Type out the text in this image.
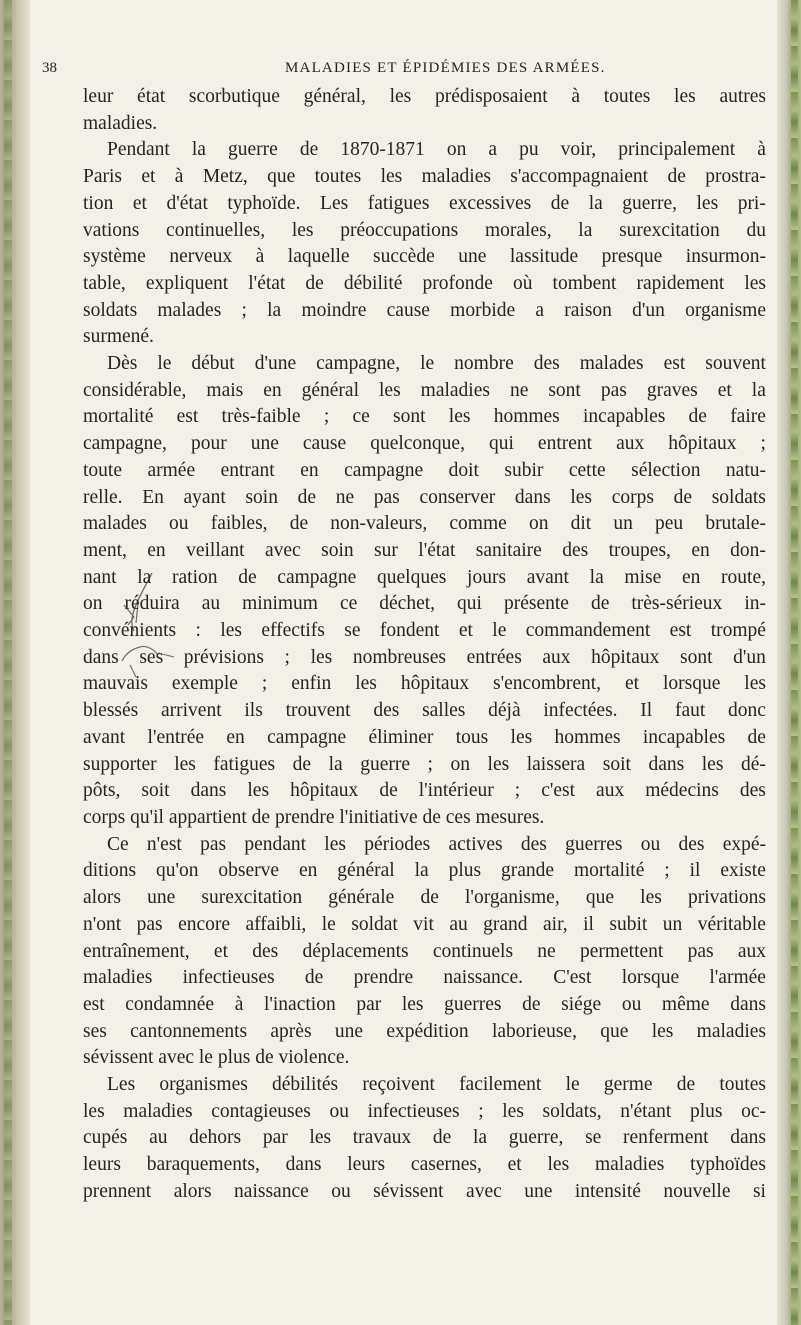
38	MALADIES ET ÉPIDÉMIES DES ARMÉES.
leur état scorbutique général, les prédisposaient à toutes les autres
maladies.
Pendant la guerre de 1870-1871 on a pu voir, principalement à
Paris et à Metz, que toutes les maladies s'accompagnaient de prostra-
tion et d'état typhoïde. Les fatigues excessives de la guerre, les pri-
vations continuelles, les préoccupations morales, la surexcitation du
système nerveux à laquelle succède une lassitude presque insurmon-
table, expliquent l'état de débilité profonde où tombent rapidement les
soldats malades ; la moindre cause morbide a raison d'un organisme
surmené.
Dès le début d'une campagne, le nombre des malades est souvent
considérable, mais en général les maladies ne sont pas graves et la
mortalité est très-faible ; ce sont les hommes incapables de faire
campagne, pour une cause quelconque, qui entrent aux hôpitaux ;
toute armée entrant en campagne doit subir cette sélection natu-
relle. En ayant soin de ne pas conserver dans les corps de soldats
malades ou faibles, de non-valeurs, comme on dit un peu brutale-
ment, en veillant avec soin sur l'état sanitaire des troupes, en don-
nant la ration de campagne quelques jours avant la mise en route,
on réduira au minimum ce déchet, qui présente de très-sérieux in-
convénients : les effectifs se fondent et le commandement est trompé
dans ses prévisions ; les nombreuses entrées aux hôpitaux sont d'un
mauvais exemple ; enfin les hôpitaux s'encombrent, et lorsque les
blessés arrivent ils trouvent des salles déjà infectées. Il faut donc
avant l'entrée en campagne éliminer tous les hommes incapables de
supporter les fatigues de la guerre ; on les laissera soit dans les dé-
pôts, soit dans les hôpitaux de l'intérieur ; c'est aux médecins des
corps qu'il appartient de prendre l'initiative de ces mesures.
Ce n'est pas pendant les périodes actives des guerres ou des expé-
ditions qu'on observe en général la plus grande mortalité ; il existe
alors une surexcitation générale de l'organisme, que les privations
n'ont pas encore affaibli, le soldat vit au grand air, il subit un véritable
entraînement, et des déplacements continuels ne permettent pas aux
maladies infectieuses de prendre naissance. C'est lorsque l'armée
est condamnée à l'inaction par les guerres de siége ou même dans
ses cantonnements après une expédition laborieuse, que les maladies
sévissent avec le plus de violence.
Les organismes débilités reçoivent facilement le germe de toutes
les maladies contagieuses ou infectieuses ; les soldats, n'étant plus oc-
cupés au dehors par les travaux de la guerre, se renferment dans
leurs baraquements, dans leurs casernes, et les maladies typhoïdes
prennent alors naissance ou sévissent avec une intensité nouvelle si
